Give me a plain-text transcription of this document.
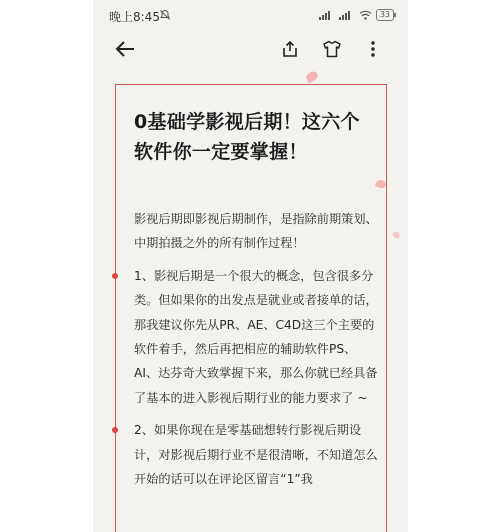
晚上8:45	33
0基础学影视后期！这六个软件你一定要掌握！

影视后期即影视后期制作，是指除前期策划、中期拍摄之外的所有制作过程！

1、影视后期是一个很大的概念，包含很多分类。但如果你的出发点是就业或者接单的话，那我建议你先从PR、AE、C4D这三个主要的软件着手，然后再把相应的辅助软件PS、AI、达芬奇大致掌握下来，那么你就已经具备了基本的进入影视后期行业的能力要求了 ~

2、如果你现在是零基础想转行影视后期设计，对影视后期行业不是很清晰，不知道怎么开始的话可以在评论区留言“1”我
